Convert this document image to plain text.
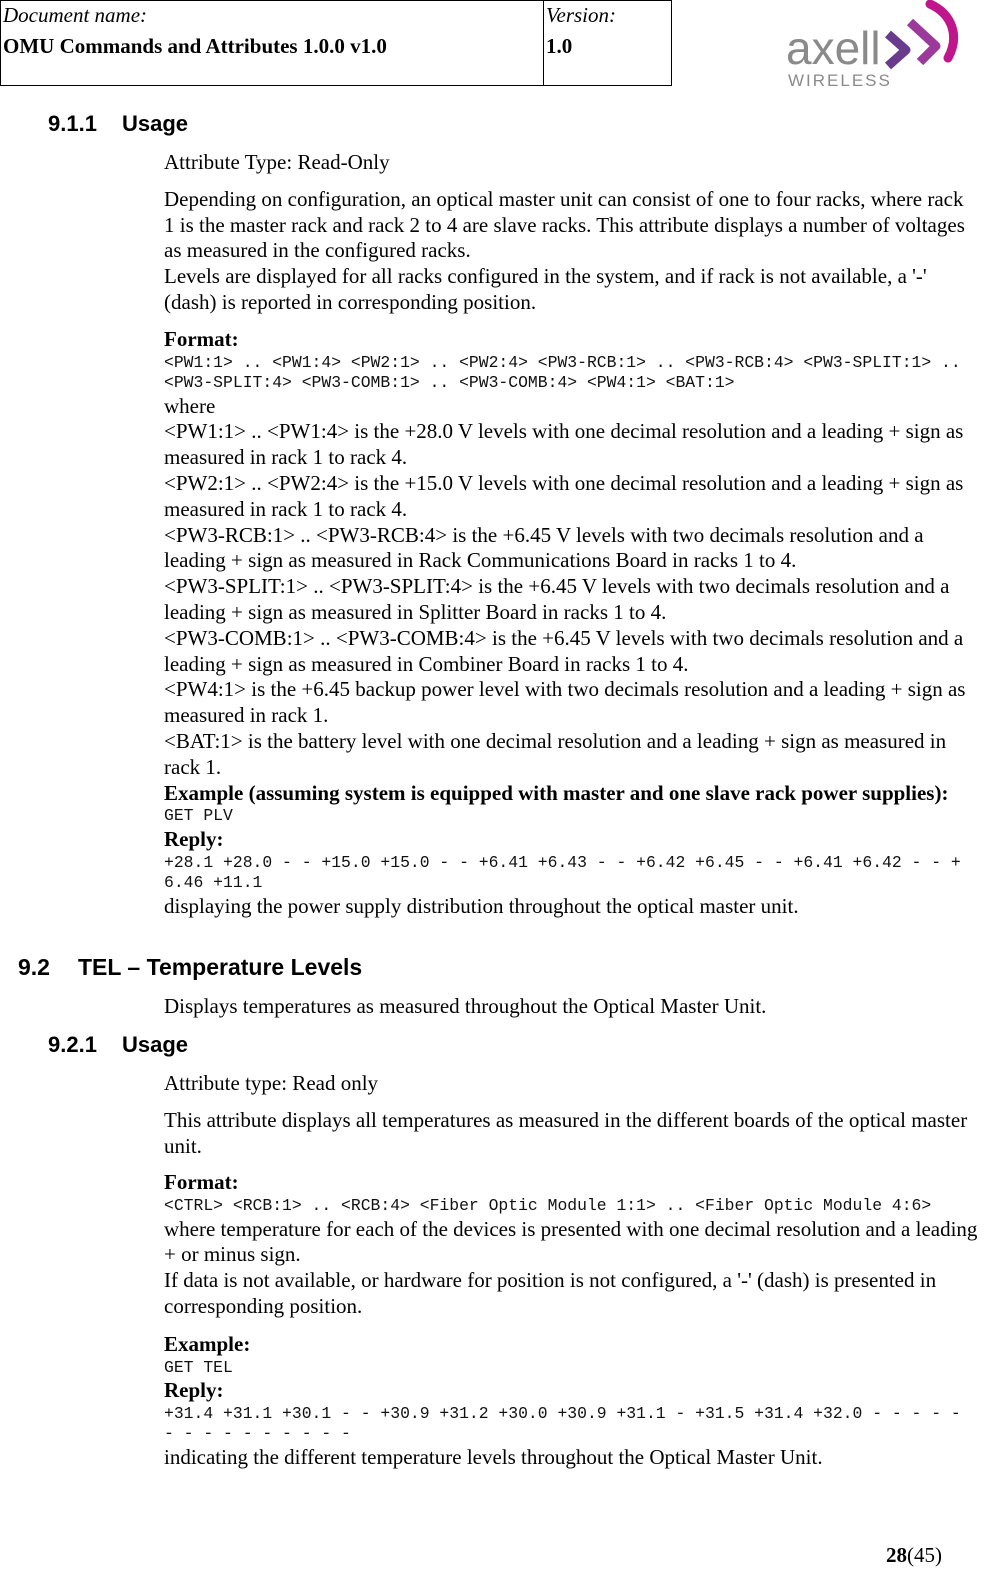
Document name:
OMU Commands and Attributes 1.0.0 v1.0
Version:
1.0	axell
WIRELESS
9.1.1 Usage

Attribute Type: Read-Only

Depending on configuration, an optical master unit can consist of one to four racks, where rack 1 is the master rack and rack 2 to 4 are slave racks. This attribute displays a number of voltages as measured in the configured racks.

Levels are displayed for all racks configured in the system, and if rack is not available, a '-' (dash) is reported in corresponding position.

Format:

<PW1:1> .. <PW1:4> <PW2:1> .. <PW2:4> <PW3-RCB:1> .. <PW3-RCB:4> <PW3-SPLIT:1> .. <PW3-SPLIT:4> <PW3-COMB:1> .. <PW3-COMB:4> <PW4:1> <BAT:1>

where

<PW1:1> .. <PW1:4> is the +28.0 V levels with one decimal resolution and a leading + sign as measured in rack 1 to rack 4.

<PW2:1> .. <PW2:4> is the +15.0 V levels with one decimal resolution and a leading + sign as measured in rack 1 to rack 4.

<PW3-RCB:1> .. <PW3-RCB:4> is the +6.45 V levels with two decimals resolution and a leading + sign as measured in Rack Communications Board in racks 1 to 4.

<PW3-SPLIT:1> .. <PW3-SPLIT:4> is the +6.45 V levels with two decimals resolution and a leading + sign as measured in Splitter Board in racks 1 to 4.

<PW3-COMB:1> .. <PW3-COMB:4> is the +6.45 V levels with two decimals resolution and a leading + sign as measured in Combiner Board in racks 1 to 4.

<PW4:1> is the +6.45 backup power level with two decimals resolution and a leading + sign as measured in rack 1.

<BAT:1> is the battery level with one decimal resolution and a leading + sign as measured in rack 1.

Example (assuming system is equipped with master and one slave rack power supplies):

GET PLV

Reply:

+28.1 +28.0 - - +15.0 +15.0 - - +6.41 +6.43 - - +6.42 +6.45 - - +6.41 +6.42 - - +6.46 +11.1

displaying the power supply distribution throughout the optical master unit.

9.2 TEL – Temperature Levels

Displays temperatures as measured throughout the Optical Master Unit.

9.2.1 Usage

Attribute type: Read only

This attribute displays all temperatures as measured in the different boards of the optical master unit.

Format:

<CTRL> <RCB:1> .. <RCB:4> <Fiber Optic Module 1:1> .. <Fiber Optic Module 4:6>

where temperature for each of the devices is presented with one decimal resolution and a leading + or minus sign.

If data is not available, or hardware for position is not configured, a '-' (dash) is presented in corresponding position.

Example:

GET TEL

Reply:

+31.4 +31.1 +30.1 - - +30.9 +31.2 +30.0 +30.9 +31.1 - +31.5 +31.4 +32.0 - - - - - - - - - - - - - - -

indicating the different temperature levels throughout the Optical Master Unit.

28(45)
